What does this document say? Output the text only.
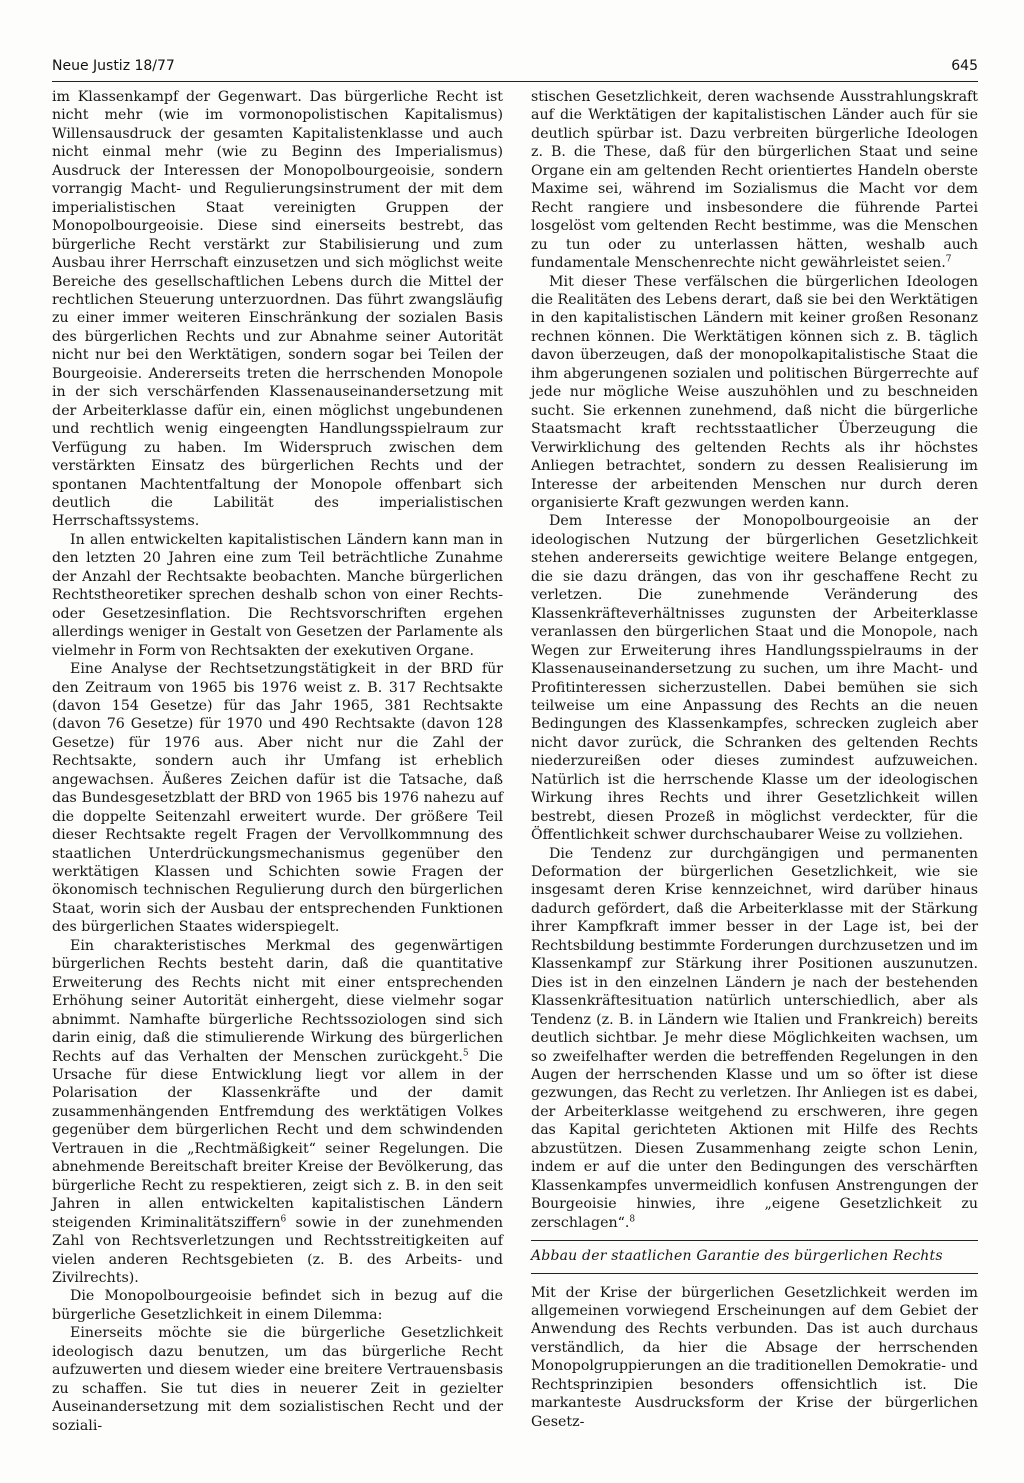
Neue Justiz 18/77	645

im Klassenkampf der Gegenwart. Das bürgerliche Recht ist nicht mehr (wie im vormonopolistischen Kapitalismus) Willensausdruck der gesamten Kapitalistenklasse und auch nicht einmal mehr (wie zu Beginn des Imperialismus) Ausdruck der Interessen der Monopolbourgeoisie, sondern vorrangig Macht- und Regulierungsinstrument der mit dem imperialistischen Staat vereinigten Gruppen der Monopolbourgeoisie. Diese sind einerseits bestrebt, das bürgerliche Recht verstärkt zur Stabilisierung und zum Ausbau ihrer Herrschaft einzusetzen und sich möglichst weite Bereiche des gesellschaftlichen Lebens durch die Mittel der rechtlichen Steuerung unterzuordnen. Das führt zwangsläufig zu einer immer weiteren Einschränkung der sozialen Basis des bürgerlichen Rechts und zur Abnahme seiner Autorität nicht nur bei den Werktätigen, sondern sogar bei Teilen der Bourgeoisie. Andererseits treten die herrschenden Monopole in der sich verschärfenden Klassenauseinandersetzung mit der Arbeiterklasse dafür ein, einen möglichst ungebundenen und rechtlich wenig eingeengten Handlungsspielraum zur Verfügung zu haben. Im Widerspruch zwischen dem verstärkten Einsatz des bürgerlichen Rechts und der spontanen Machtentfaltung der Monopole offenbart sich deutlich die Labilität des imperialistischen Herrschaftssystems.

In allen entwickelten kapitalistischen Ländern kann man in den letzten 20 Jahren eine zum Teil beträchtliche Zunahme der Anzahl der Rechtsakte beobachten. Manche bürgerlichen Rechtstheoretiker sprechen deshalb schon von einer Rechts- oder Gesetzesinflation. Die Rechtsvorschriften ergehen allerdings weniger in Gestalt von Gesetzen der Parlamente als vielmehr in Form von Rechtsakten der exekutiven Organe.

Eine Analyse der Rechtsetzungstätigkeit in der BRD für den Zeitraum von 1965 bis 1976 weist z. B. 317 Rechtsakte (davon 154 Gesetze) für das Jahr 1965, 381 Rechtsakte (davon 76 Gesetze) für 1970 und 490 Rechtsakte (davon 128 Gesetze) für 1976 aus. Aber nicht nur die Zahl der Rechtsakte, sondern auch ihr Umfang ist erheblich angewachsen. Äußeres Zeichen dafür ist die Tatsache, daß das Bundesgesetzblatt der BRD von 1965 bis 1976 nahezu auf die doppelte Seitenzahl erweitert wurde. Der größere Teil dieser Rechtsakte regelt Fragen der Vervollkommnung des staatlichen Unterdrückungsmechanismus gegenüber den werktätigen Klassen und Schichten sowie Fragen der ökonomisch technischen Regulierung durch den bürgerlichen Staat, worin sich der Ausbau der entsprechenden Funktionen des bürgerlichen Staates widerspiegelt.

Ein charakteristisches Merkmal des gegenwärtigen bürgerlichen Rechts besteht darin, daß die quantitative Erweiterung des Rechts nicht mit einer entsprechenden Erhöhung seiner Autorität einhergeht, diese vielmehr sogar abnimmt. Namhafte bürgerliche Rechtssoziologen sind sich darin einig, daß die stimulierende Wirkung des bürgerlichen Rechts auf das Verhalten der Menschen zurückgeht.$^5$ Die Ursache für diese Entwicklung liegt vor allem in der Polarisation der Klassenkräfte und der damit zusammenhängenden Entfremdung des werktätigen Volkes gegenüber dem bürgerlichen Recht und dem schwindenden Vertrauen in die „Rechtmäßigkeit“ seiner Regelungen. Die abnehmende Bereitschaft breiter Kreise der Bevölkerung, das bürgerliche Recht zu respektieren, zeigt sich z. B. in den seit Jahren in allen entwickelten kapitalistischen Ländern steigenden Kriminalitätsziffern$^6$ sowie in der zunehmenden Zahl von Rechtsverletzungen und Rechtsstreitigkeiten auf vielen anderen Rechtsgebieten (z. B. des Arbeits- und Zivilrechts).

Die Monopolbourgeoisie befindet sich in bezug auf die bürgerliche Gesetzlichkeit in einem Dilemma:

Einerseits möchte sie die bürgerliche Gesetzlichkeit ideologisch dazu benutzen, um das bürgerliche Recht aufzuwerten und diesem wieder eine breitere Vertrauensbasis zu schaffen. Sie tut dies in neuerer Zeit in gezielter Auseinandersetzung mit dem sozialistischen Recht und der soziali-

stischen Gesetzlichkeit, deren wachsende Ausstrahlungskraft auf die Werktätigen der kapitalistischen Länder auch für sie deutlich spürbar ist. Dazu verbreiten bürgerliche Ideologen z. B. die These, daß für den bürgerlichen Staat und seine Organe ein am geltenden Recht orientiertes Handeln oberste Maxime sei, während im Sozialismus die Macht vor dem Recht rangiere und insbesondere die führende Partei losgelöst vom geltenden Recht bestimme, was die Menschen zu tun oder zu unterlassen hätten, weshalb auch fundamentale Menschenrechte nicht gewährleistet seien.$^7$

Mit dieser These verfälschen die bürgerlichen Ideologen die Realitäten des Lebens derart, daß sie bei den Werktätigen in den kapitalistischen Ländern mit keiner großen Resonanz rechnen können. Die Werktätigen können sich z. B. täglich davon überzeugen, daß der monopolkapitalistische Staat die ihm abgerungenen sozialen und politischen Bürgerrechte auf jede nur mögliche Weise auszuhöhlen und zu beschneiden sucht. Sie erkennen zunehmend, daß nicht die bürgerliche Staatsmacht kraft rechtsstaatlicher Überzeugung die Verwirklichung des geltenden Rechts als ihr höchstes Anliegen betrachtet, sondern zu dessen Realisierung im Interesse der arbeitenden Menschen nur durch deren organisierte Kraft gezwungen werden kann.

Dem Interesse der Monopolbourgeoisie an der ideologischen Nutzung der bürgerlichen Gesetzlichkeit stehen andererseits gewichtige weitere Belange entgegen, die sie dazu drängen, das von ihr geschaffene Recht zu verletzen. Die zunehmende Veränderung des Klassenkräfteverhältnisses zugunsten der Arbeiterklasse veranlassen den bürgerlichen Staat und die Monopole, nach Wegen zur Erweiterung ihres Handlungsspielraums in der Klassenauseinandersetzung zu suchen, um ihre Macht- und Profitinteressen sicherzustellen. Dabei bemühen sie sich teilweise um eine Anpassung des Rechts an die neuen Bedingungen des Klassenkampfes, schrecken zugleich aber nicht davor zurück, die Schranken des geltenden Rechts niederzureißen oder dieses zumindest aufzuweichen. Natürlich ist die herrschende Klasse um der ideologischen Wirkung ihres Rechts und ihrer Gesetzlichkeit willen bestrebt, diesen Prozeß in möglichst verdeckter, für die Öffentlichkeit schwer durchschaubarer Weise zu vollziehen.

Die Tendenz zur durchgängigen und permanenten Deformation der bürgerlichen Gesetzlichkeit, wie sie insgesamt deren Krise kennzeichnet, wird darüber hinaus dadurch gefördert, daß die Arbeiterklasse mit der Stärkung ihrer Kampfkraft immer besser in der Lage ist, bei der Rechtsbildung bestimmte Forderungen durchzusetzen und im Klassenkampf zur Stärkung ihrer Positionen auszunutzen. Dies ist in den einzelnen Ländern je nach der bestehenden Klassenkräftesituation natürlich unterschiedlich, aber als Tendenz (z. B. in Ländern wie Italien und Frankreich) bereits deutlich sichtbar. Je mehr diese Möglichkeiten wachsen, um so zweifelhafter werden die betreffenden Regelungen in den Augen der herrschenden Klasse und um so öfter ist diese gezwungen, das Recht zu verletzen. Ihr Anliegen ist es dabei, der Arbeiterklasse weitgehend zu erschweren, ihre gegen das Kapital gerichteten Aktionen mit Hilfe des Rechts abzustützen. Diesen Zusammenhang zeigte schon Lenin, indem er auf die unter den Bedingungen des verschärften Klassenkampfes unvermeidlich konfusen Anstrengungen der Bourgeoisie hinwies, ihre „eigene Gesetzlichkeit zu zerschlagen“.$^8$

Abbau der staatlichen Garantie des bürgerlichen Rechts

Mit der Krise der bürgerlichen Gesetzlichkeit werden im allgemeinen vorwiegend Erscheinungen auf dem Gebiet der Anwendung des Rechts verbunden. Das ist auch durchaus verständlich, da hier die Absage der herrschenden Monopolgruppierungen an die traditionellen Demokratie- und Rechtsprinzipien besonders offensichtlich ist. Die markanteste Ausdrucksform der Krise der bürgerlichen Gesetz-
